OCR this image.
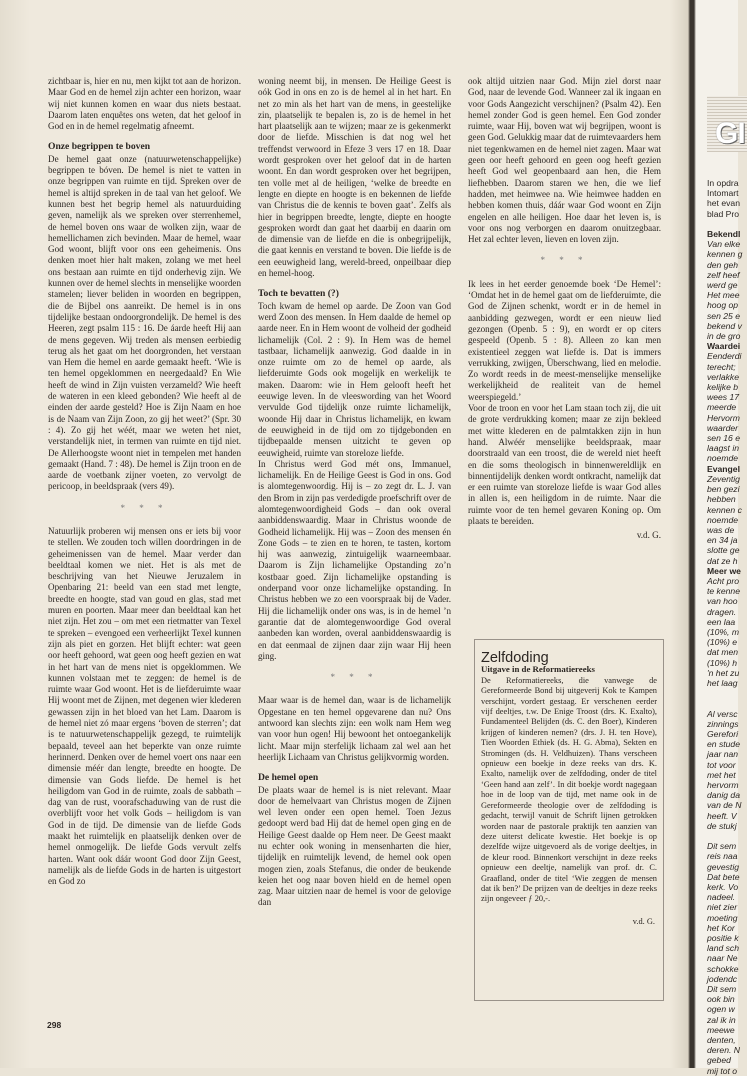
zichtbaar is, hier en nu, men kijkt tot aan de horizon. Maar God en de hemel zijn achter een horizon, waar wij niet kunnen komen en waar dus niets bestaat. Daarom laten enquêtes ons weten, dat het geloof in God en in de hemel regelmatig afneemt.

Onze begrippen te boven

De hemel gaat onze (natuurwetenschappelijke) begrippen te bóven. De hemel is niet te vatten in onze begrippen van ruimte en tijd. Spreken over de hemel is altijd spreken in de taal van het geloof. We kunnen best het begrip hemel als natuurduiding geven, namelijk als we spreken over sterrenhemel, de hemel boven ons waar de wolken zijn, waar de hemellichamen zich bevinden. Maar de hemel, waar God woont, blijft voor ons een geheimenis. Ons denken moet hier halt maken, zolang we met heel ons bestaan aan ruimte en tijd onderhevig zijn. We kunnen over de hemel slechts in menselijke woorden stamelen; liever beliden in woorden en begrippen, die de Bijbel ons aanreikt. De hemel is in ons tijdelijke bestaan ondoorgrondelijk. De hemel is des Heeren, zegt psalm 115 : 16. De áarde heeft Hij aan de mens gegeven. Wij treden als mensen eerbiedig terug als het gaat om het doorgronden, het verstaan van Hem die hemel en aarde gemaakt heeft. ‘Wie is ten hemel opgeklommen en neergedaald? En Wie heeft de wind in Zijn vuisten verzameld? Wie heeft de wateren in een kleed gebonden? Wie heeft al de einden der aarde gesteld? Hoe is Zijn Naam en hoe is de Naam van Zijn Zoon, zo gij het weet?’ (Spr. 30 : 4). Zo gij het wéét, maar we weten het niet, verstandelijk niet, in termen van ruimte en tijd niet. De Allerhoogste woont niet in tempelen met handen gemaakt (Hand. 7 : 48). De hemel is Zijn troon en de aarde de voetbank zijner voeten, zo vervolgt de pericoop, in beeldspraak (vers 49).

* * *

Natuurlijk proberen wij mensen ons er iets bij voor te stellen. We zouden toch willen doordringen in de geheimenissen van de hemel. Maar verder dan beeldtaal komen we niet. Het is als met de beschrijving van het Nieuwe Jeruzalem in Openbaring 21: beeld van een stad met lengte, breedte en hoogte, stad van goud en glas, stad met muren en poorten. Maar meer dan beeldtaal kan het niet zijn. Het zou – om met een rietmatter van Texel te spreken – evengoed een verheerlijkt Texel kunnen zijn als piet en gorzen. Het blijft echter: wat geen oor heeft gehoord, wat geen oog heeft gezien en wat in het hart van de mens niet is opgeklommen. We kunnen volstaan met te zeggen: de hemel is de ruimte waar God woont. Het is de liefderuimte waar Hij woont met de Zijnen, met degenen wier klederen gewassen zijn in het bloed van het Lam. Daarom is de hemel niet zó maar ergens ‘boven de sterren’; dat is te natuurwetenschappelijk gezegd, te ruimtelijk bepaald, teveel aan het beperkte van onze ruimte herinnerd. Denken over de hemel voert ons naar een dimensie méér dan lengte, breedte en hoogte. De dimensie van Gods liefde. De hemel is het heiligdom van God in de ruimte, zoals de sabbath – dag van de rust, voorafschaduwing van de rust die overblijft voor het volk Gods – heiligdom is van God in de tijd. De dimensie van de liefde Gods maakt het ruimtelijk en plaatselijk denken over de hemel onmogelijk. De liefde Gods vervult zelfs harten. Want ook dáár woont God door Zijn Geest, namelijk als de liefde Gods in de harten is uitgestort en God zo

woning neemt bij, in mensen. De Heilige Geest is oók God in ons en zo is de hemel al in het hart. En net zo min als het hart van de mens, in geestelijke zin, plaatselijk te bepalen is, zo is de hemel in het hart plaatselijk aan te wijzen; maar ze is gekenmerkt door de liefde. Misschien is dat nog wel het treffendst verwoord in Efeze 3 vers 17 en 18. Daar wordt gesproken over het geloof dat in de harten woont. En dan wordt gesproken over het begrijpen, ten volle met al de heiligen, ‘welke de breedte en lengte en diepte en hoogte is en bekennen de liefde van Christus die de kennis te boven gaat’. Zelfs als hier in begrippen breedte, lengte, diepte en hoogte gesproken wordt dan gaat het daarbij en daarin om de dimensie van de liefde en die is onbegrijpelijk, die gaat kennis en verstand te boven. Die liefde is de een eeuwigheid lang, wereld-breed, onpeilbaar diep en hemel-hoog.

Toch te bevatten (?)

Toch kwam de hemel op aarde. De Zoon van God werd Zoon des mensen. In Hem daalde de hemel op aarde neer. En in Hem woont de volheid der godheid lichamelijk (Col. 2 : 9). In Hem was de hemel tastbaar, lichamelijk aanwezig. God daalde in in onze ruimte om zo de hemel op aarde, als liefderuimte Gods ook mogelijk en werkelijk te maken. Daarom: wie in Hem gelooft heeft het eeuwige leven. In de vleeswording van het Woord vervulde God tijdelijk onze ruimte lichamelijk, woonde Hij daar in Christus lichamelijk, en kwam de eeuwigheid in de tijd om zo tijdgebonden en tijdbepaalde mensen uitzicht te geven op eeuwigheid, ruimte van storeloze liefde.

In Christus werd God mét ons, Immanuel, lichamelijk. En de Heilige Geest is God in ons. God is alomtegenwoordig. Hij is – zo zegt dr. L. J. van den Brom in zijn pas verdedigde proefschrift over de alomtegenwoordigheid Gods – dan ook overal aanbiddenswaardig. Maar in Christus woonde de Godheid lichamelijk. Hij was – Zoon des mensen én Zone Gods – te zien en te horen, te tasten, kortom hij was aanwezig, zintuigelijk waarneembaar. Daarom is Zijn lichamelijke Opstanding zo’n kostbaar goed. Zijn lichamelijke opstanding is onderpand voor onze lichamelijke opstanding. In Christus hebben we zo een voorspraak bij de Vader. Hij die lichamelijk onder ons was, is in de hemel ’n garantie dat de alomtegenwoordige God overal aanbeden kan worden, overal aanbiddenswaardig is en dat eenmaal de zijnen daar zijn waar Hij heen ging.

* * *

Maar waar is de hemel dan, waar is de lichamelijk Opgestane en ten hemel opgevarene dan nu? Ons antwoord kan slechts zijn: een wolk nam Hem weg van voor hun ogen! Hij bewoont het ontoegankelijk licht. Maar mijn sterfelijk lichaam zal wel aan het heerlijk Lichaam van Christus gelijkvormig worden.

De hemel open

De plaats waar de hemel is is niet relevant. Maar door de hemelvaart van Christus mogen de Zijnen wel leven onder een open hemel. Toen Jezus gedoopt werd bad Hij dat de hemel open ging en de Heilige Geest daalde op Hem neer. De Geest maakt nu echter ook woning in mensenharten die hier, tijdelijk en ruimtelijk levend, de hemel ook open mogen zien, zoals Stefanus, die onder de beukende keien het oog naar boven hield en de hemel open zag. Maar uitzien naar de hemel is voor de gelovige dan

ook altijd uitzien naar God. Mijn ziel dorst naar God, naar de levende God. Wanneer zal ik ingaan en voor Gods Aangezicht verschijnen? (Psalm 42). Een hemel zonder God is geen hemel. Een God zonder ruimte, waar Hij, boven wat wij begrijpen, woont is geen God. Gelukkig maar dat de ruimtevaarders hem niet tegenkwamen en de hemel niet zagen. Maar wat geen oor heeft gehoord en geen oog heeft gezien heeft God wel geopenbaard aan hen, die Hem liefhebben. Daarom staren we hen, die we lief hadden, met heimwee na. Wie heimwee hadden en hebben komen thuis, dáár waar God woont en Zijn engelen en alle heiligen. Hoe daar het leven is, is voor ons nog verborgen en daarom onuitzegbaar. Het zal echter leven, lieven en loven zijn.

* * *

Ik lees in het eerder genoemde boek ‘De Hemel’: ‘Omdat het in de hemel gaat om de liefderuimte, die God de Zijnen schenkt, wordt er in de hemel in aanbidding gezwegen, wordt er een nieuw lied gezongen (Openb. 5 : 9), en wordt er op citers gespeeld (Openb. 5 : 8). Alleen zo kan men existentieel zeggen wat liefde is. Dat is immers verrukking, zwijgen, Überschwang, lied en melodie. Zo wordt reeds in de meest-menselijke menselijke werkelijkheid de realiteit van de hemel weerspiegeld.’

Voor de troon en voor het Lam staan toch zij, die uit de grote verdrukking komen; maar ze zijn bekleed met witte klederen en de palmtakken zijn in hun hand. Alwéér menselijke beeldspraak, maar doorstraald van een troost, die de wereld niet heeft en die soms theologisch in binnenwereldlijk en binnentijdelijk denken wordt ontkracht, namelijk dat er een ruimte van storeloze liefde is waar God alles in allen is, een heiligdom in de ruimte. Naar die ruimte voor de ten hemel gevaren Koning op. Om plaats te bereiden.

v.d. G.
Zelfdoding
Uitgave in de Reformatiereeks
De Reformatiereeks, die vanwege de Gereformeerde Bond bij uitgeverij Kok te Kampen verschijnt, vordert gestaag. Er verschenen eerder vijf deeltjes, t.w. De Enige Troost (drs. K. Exalto), Fundamenteel Belijden (ds. C. den Boer), Kinderen krijgen of kinderen nemen? (drs. J. H. ten Hove), Tien Woorden Ethiek (ds. H. G. Abma), Sekten en Stromingen (ds. H. Veldhuizen). Thans verscheen opnieuw een boekje in deze reeks van drs. K. Exalto, namelijk over de zelfdoding, onder de titel ‘Geen hand aan zelf’. In dit boekje wordt nagegaan hoe in de loop van de tijd, met name ook in de Gereformeerde theologie over de zelfdoding is gedacht, terwijl vanuit de Schrift lijnen getrokken worden naar de pastorale praktijk ten aanzien van deze uiterst delicate kwestie. Het boekje is op dezelfde wijze uitgevoerd als de vorige deeltjes, in de kleur rood. Binnenkort verschijnt in deze reeks opnieuw een deeltje, namelijk van prof. dr. C. Graafland, onder de titel ‘Wie zeggen de mensen dat ik ben?’ De prijzen van de deeltjes in deze reeks zijn ongeveer ƒ 20,-.
v.d. G.
298
GI
In opdra
Intomart
het evan
blad Pro

Bekendl
Van elke
kennen g
den geh
zelf heef
werd ge
Het mee
hoog op
sen 25 e
bekend v
in de gro
Waardei
Eenderdi
terecht;
verlakke
kelijke b
wees 17
meerde
Hervorm
waarder
sen 16 e
laagst in
noemde
Evangel
Zeventig
ben gezi
hebben
kennen c
noemde
was de
en 34 ja
slotte ge
dat ze h
Meer we
Acht pro
te kenne
van hoo
dragen.
een laa
(10%, m
(10%) e
dat men
(10%) h
'n het zu
het laag

Al versc
zinnings
Gerefori
en stude
jaar nan
tot voor
met het
hervorm
danig da
van de N
heeft. V
de stukj

Dit sem
reis naa
gevestig
Dat bete
kerk. Vo
nadeel.
niet zier
moeting
het Kor
positie k
land sch
naar Ne
schokke
jodendc
Dit sem
ook bin
ogen w
zal ik in
meewe
denten,
deren. N
gebed
mij tot o
